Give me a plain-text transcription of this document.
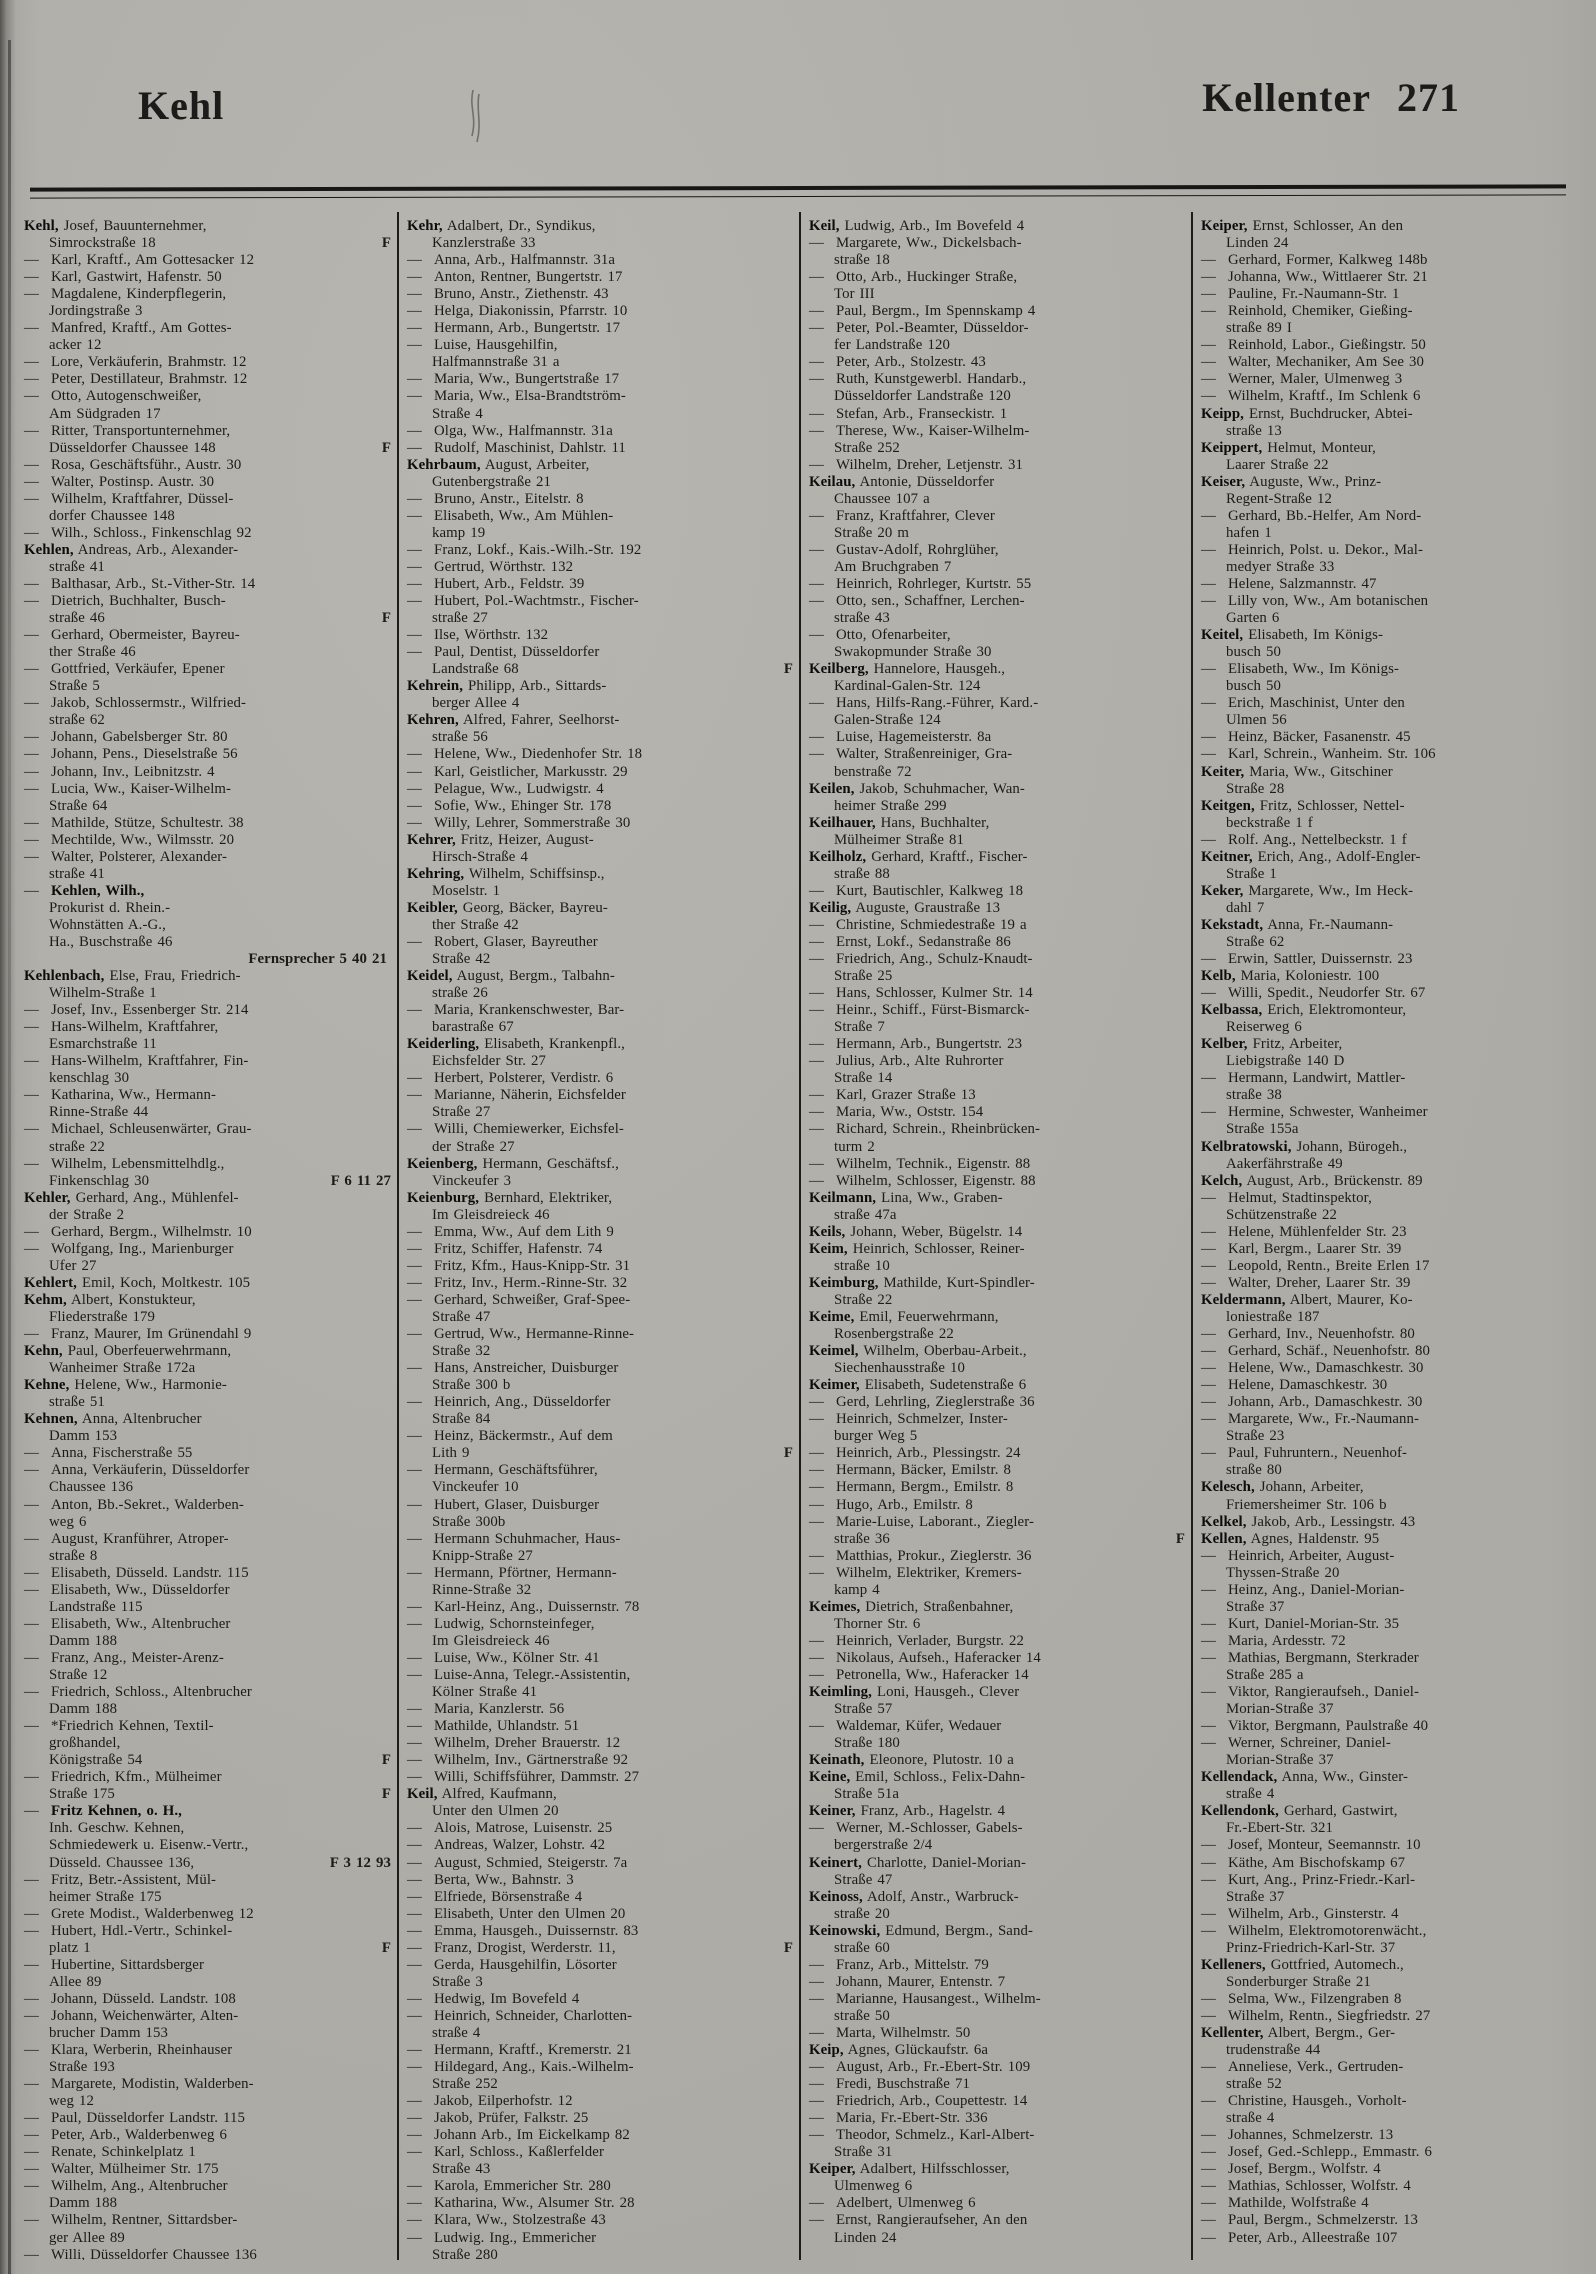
Kehl	Kellenter 271
Kehl, Josef, Bauunternehmer,
Simrockstraße 18	F
— Karl, Kraftf., Am Gottesacker 12
— Karl, Gastwirt, Hafenstr. 50
— Magdalene, Kinderpflegerin,
Jordingstraße 3
— Manfred, Kraftf., Am Gottes-
acker 12
— Lore, Verkäuferin, Brahmstr. 12
— Peter, Destillateur, Brahmstr. 12
— Otto, Autogenschweißer,
Am Südgraden 17
— Ritter, Transportunternehmer,
Düsseldorfer Chaussee 148	F
— Rosa, Geschäftsführ., Austr. 30
— Walter, Postinsp. Austr. 30
— Wilhelm, Kraftfahrer, Düssel-
dorfer Chaussee 148
— Wilh., Schloss., Finkenschlag 92
Kehlen, Andreas, Arb., Alexander-
straße 41
— Balthasar, Arb., St.-Vither-Str. 14
— Dietrich, Buchhalter, Busch-
straße 46	F
— Gerhard, Obermeister, Bayreu-
ther Straße 46
— Gottfried, Verkäufer, Epener
Straße 5
— Jakob, Schlossermstr., Wilfried-
straße 62
— Johann, Gabelsberger Str. 80
— Johann, Pens., Dieselstraße 56
— Johann, Inv., Leibnitzstr. 4
— Lucia, Ww., Kaiser-Wilhelm-
Straße 64
— Mathilde, Stütze, Schultestr. 38
— Mechtilde, Ww., Wilmsstr. 20
— Walter, Polsterer, Alexander-
straße 41
— Kehlen, Wilh.,
Prokurist d. Rhein.-
Wohnstätten A.-G.,
Ha., Buschstraße 46
Fernsprecher 5 40 21
Kehlenbach, Else, Frau, Friedrich-
Wilhelm-Straße 1
— Josef, Inv., Essenberger Str. 214
— Hans-Wilhelm, Kraftfahrer,
Esmarchstraße 11
— Hans-Wilhelm, Kraftfahrer, Fin-
kenschlag 30
— Katharina, Ww., Hermann-
Rinne-Straße 44
— Michael, Schleusenwärter, Grau-
straße 22
— Wilhelm, Lebensmittelhdlg.,
Finkenschlag 30	F 6 11 27
Kehler, Gerhard, Ang., Mühlenfel-
der Straße 2
— Gerhard, Bergm., Wilhelmstr. 10
— Wolfgang, Ing., Marienburger
Ufer 27
Kehlert, Emil, Koch, Moltkestr. 105
Kehm, Albert, Konstukteur,
Fliederstraße 179
— Franz, Maurer, Im Grünendahl 9
Kehn, Paul, Oberfeuerwehrmann,
Wanheimer Straße 172a
Kehne, Helene, Ww., Harmonie-
straße 51
Kehnen, Anna, Altenbrucher
Damm 153
— Anna, Fischerstraße 55
— Anna, Verkäuferin, Düsseldorfer
Chaussee 136
— Anton, Bb.-Sekret., Walderben-
weg 6
— August, Kranführer, Atroper-
straße 8
— Elisabeth, Düsseld. Landstr. 115
— Elisabeth, Ww., Düsseldorfer
Landstraße 115
— Elisabeth, Ww., Altenbrucher
Damm 188
— Franz, Ang., Meister-Arenz-
Straße 12
— Friedrich, Schloss., Altenbrucher
Damm 188
— *Friedrich Kehnen, Textil-
großhandel,
Königstraße 54	F
— Friedrich, Kfm., Mülheimer
Straße 175	F
— Fritz Kehnen, o. H.,
Inh. Geschw. Kehnen,
Schmiedewerk u. Eisenw.-Vertr.,
Düsseld. Chaussee 136,	F 3 12 93
— Fritz, Betr.-Assistent, Mül-
heimer Straße 175
— Grete Modist., Walderbenweg 12
— Hubert, Hdl.-Vertr., Schinkel-
platz 1	F
— Hubertine, Sittardsberger
Allee 89
— Johann, Düsseld. Landstr. 108
— Johann, Weichenwärter, Alten-
brucher Damm 153
— Klara, Werberin, Rheinhauser
Straße 193
— Margarete, Modistin, Walderben-
weg 12
— Paul, Düsseldorfer Landstr. 115
— Peter, Arb., Walderbenweg 6
— Renate, Schinkelplatz 1
— Walter, Mülheimer Str. 175
— Wilhelm, Ang., Altenbrucher
Damm 188
— Wilhelm, Rentner, Sittardsber-
ger Allee 89
— Willi, Düsseldorfer Chaussee 136
Kehr, Adalbert, Dr., Syndikus,
Kanzlerstraße 33
— Anna, Arb., Halfmannstr. 31a
— Anton, Rentner, Bungertstr. 17
— Bruno, Anstr., Ziethenstr. 43
— Helga, Diakonissin, Pfarrstr. 10
— Hermann, Arb., Bungertstr. 17
— Luise, Hausgehilfin,
Halfmannstraße 31 a
— Maria, Ww., Bungertstraße 17
— Maria, Ww., Elsa-Brandtström-
Straße 4
— Olga, Ww., Halfmannstr. 31a
— Rudolf, Maschinist, Dahlstr. 11
Kehrbaum, August, Arbeiter,
Gutenbergstraße 21
— Bruno, Anstr., Eitelstr. 8
— Elisabeth, Ww., Am Mühlen-
kamp 19
— Franz, Lokf., Kais.-Wilh.-Str. 192
— Gertrud, Wörthstr. 132
— Hubert, Arb., Feldstr. 39
— Hubert, Pol.-Wachtmstr., Fischer-
straße 27
— Ilse, Wörthstr. 132
— Paul, Dentist, Düsseldorfer
Landstraße 68	F
Kehrein, Philipp, Arb., Sittards-
berger Allee 4
Kehren, Alfred, Fahrer, Seelhorst-
straße 56
— Helene, Ww., Diedenhofer Str. 18
— Karl, Geistlicher, Markusstr. 29
— Pelague, Ww., Ludwigstr. 4
— Sofie, Ww., Ehinger Str. 178
— Willy, Lehrer, Sommerstraße 30
Kehrer, Fritz, Heizer, August-
Hirsch-Straße 4
Kehring, Wilhelm, Schiffsinsp.,
Moselstr. 1
Keibler, Georg, Bäcker, Bayreu-
ther Straße 42
— Robert, Glaser, Bayreuther
Straße 42
Keidel, August, Bergm., Talbahn-
straße 26
— Maria, Krankenschwester, Bar-
barastraße 67
Keiderling, Elisabeth, Krankenpfl.,
Eichsfelder Str. 27
— Herbert, Polsterer, Verdistr. 6
— Marianne, Näherin, Eichsfelder
Straße 27
— Willi, Chemiewerker, Eichsfel-
der Straße 27
Keienberg, Hermann, Geschäftsf.,
Vinckeufer 3
Keienburg, Bernhard, Elektriker,
Im Gleisdreieck 46
— Emma, Ww., Auf dem Lith 9
— Fritz, Schiffer, Hafenstr. 74
— Fritz, Kfm., Haus-Knipp-Str. 31
— Fritz, Inv., Herm.-Rinne-Str. 32
— Gerhard, Schweißer, Graf-Spee-
Straße 47
— Gertrud, Ww., Hermanne-Rinne-
Straße 32
— Hans, Anstreicher, Duisburger
Straße 300 b
— Heinrich, Ang., Düsseldorfer
Straße 84
— Heinz, Bäckermstr., Auf dem
Lith 9	F
— Hermann, Geschäftsführer,
Vinckeufer 10
— Hubert, Glaser, Duisburger
Straße 300b
— Hermann Schuhmacher, Haus-
Knipp-Straße 27
— Hermann, Pförtner, Hermann-
Rinne-Straße 32
— Karl-Heinz, Ang., Duissernstr. 78
— Ludwig, Schornsteinfeger,
Im Gleisdreieck 46
— Luise, Ww., Kölner Str. 41
— Luise-Anna, Telegr.-Assistentin,
Kölner Straße 41
— Maria, Kanzlerstr. 56
— Mathilde, Uhlandstr. 51
— Wilhelm, Dreher Brauerstr. 12
— Wilhelm, Inv., Gärtnerstraße 92
— Willi, Schiffsführer, Dammstr. 27
Keil, Alfred, Kaufmann,
Unter den Ulmen 20
— Alois, Matrose, Luisenstr. 25
— Andreas, Walzer, Lohstr. 42
— August, Schmied, Steigerstr. 7a
— Berta, Ww., Bahnstr. 3
— Elfriede, Börsenstraße 4
— Elisabeth, Unter den Ulmen 20
— Emma, Hausgeh., Duissernstr. 83
— Franz, Drogist, Werderstr. 11,	F
— Gerda, Hausgehilfin, Lösorter
Straße 3
— Hedwig, Im Bovefeld 4
— Heinrich, Schneider, Charlotten-
straße 4
— Hermann, Kraftf., Kremerstr. 21
— Hildegard, Ang., Kais.-Wilhelm-
Straße 252
— Jakob, Eilperhofstr. 12
— Jakob, Prüfer, Falkstr. 25
— Johann Arb., Im Eickelkamp 82
— Karl, Schloss., Kaßlerfelder
Straße 43
— Karola, Emmericher Str. 280
— Katharina, Ww., Alsumer Str. 28
— Klara, Ww., Stolzestraße 43
— Ludwig. Ing., Emmericher
Straße 280
Keil, Ludwig, Arb., Im Bovefeld 4
— Margarete, Ww., Dickelsbach-
straße 18
— Otto, Arb., Huckinger Straße,
Tor III
— Paul, Bergm., Im Spennskamp 4
— Peter, Pol.-Beamter, Düsseldor-
fer Landstraße 120
— Peter, Arb., Stolzestr. 43
— Ruth, Kunstgewerbl. Handarb.,
Düsseldorfer Landstraße 120
— Stefan, Arb., Franseckistr. 1
— Therese, Ww., Kaiser-Wilhelm-
Straße 252
— Wilhelm, Dreher, Letjenstr. 31
Keilau, Antonie, Düsseldorfer
Chaussee 107 a
— Franz, Kraftfahrer, Clever
Straße 20 m
— Gustav-Adolf, Rohrglüher,
Am Bruchgraben 7
— Heinrich, Rohrleger, Kurtstr. 55
— Otto, sen., Schaffner, Lerchen-
straße 43
— Otto, Ofenarbeiter,
Swakopmunder Straße 30
Keilberg, Hannelore, Hausgeh.,
Kardinal-Galen-Str. 124
— Hans, Hilfs-Rang.-Führer, Kard.-
Galen-Straße 124
— Luise, Hagemeisterstr. 8a
— Walter, Straßenreiniger, Gra-
benstraße 72
Keilen, Jakob, Schuhmacher, Wan-
heimer Straße 299
Keilhauer, Hans, Buchhalter,
Mülheimer Straße 81
Keilholz, Gerhard, Kraftf., Fischer-
straße 88
— Kurt, Bautischler, Kalkweg 18
Keilig, Auguste, Graustraße 13
— Christine, Schmiedestraße 19 a
— Ernst, Lokf., Sedanstraße 86
— Friedrich, Ang., Schulz-Knaudt-
Straße 25
— Hans, Schlosser, Kulmer Str. 14
— Heinr., Schiff., Fürst-Bismarck-
Straße 7
— Hermann, Arb., Bungertstr. 23
— Julius, Arb., Alte Ruhrorter
Straße 14
— Karl, Grazer Straße 13
— Maria, Ww., Oststr. 154
— Richard, Schrein., Rheinbrücken-
turm 2
— Wilhelm, Technik., Eigenstr. 88
— Wilhelm, Schlosser, Eigenstr. 88
Keilmann, Lina, Ww., Graben-
straße 47a
Keils, Johann, Weber, Bügelstr. 14
Keim, Heinrich, Schlosser, Reiner-
straße 10
Keimburg, Mathilde, Kurt-Spindler-
Straße 22
Keime, Emil, Feuerwehrmann,
Rosenbergstraße 22
Keimel, Wilhelm, Oberbau-Arbeit.,
Siechenhausstraße 10
Keimer, Elisabeth, Sudetenstraße 6
— Gerd, Lehrling, Zieglerstraße 36
— Heinrich, Schmelzer, Inster-
burger Weg 5
— Heinrich, Arb., Plessingstr. 24
— Hermann, Bäcker, Emilstr. 8
— Hermann, Bergm., Emilstr. 8
— Hugo, Arb., Emilstr. 8
— Marie-Luise, Laborant., Ziegler-
straße 36	F
— Matthias, Prokur., Zieglerstr. 36
— Wilhelm, Elektriker, Kremers-
kamp 4
Keimes, Dietrich, Straßenbahner,
Thorner Str. 6
— Heinrich, Verlader, Burgstr. 22
— Nikolaus, Aufseh., Haferacker 14
— Petronella, Ww., Haferacker 14
Keimling, Loni, Hausgeh., Clever
Straße 57
— Waldemar, Küfer, Wedauer
Straße 180
Keinath, Eleonore, Plutostr. 10 a
Keine, Emil, Schloss., Felix-Dahn-
Straße 51a
Keiner, Franz, Arb., Hagelstr. 4
— Werner, M.-Schlosser, Gabels-
bergerstraße 2/4
Keinert, Charlotte, Daniel-Morian-
Straße 47
Keinoss, Adolf, Anstr., Warbruck-
straße 20
Keinowski, Edmund, Bergm., Sand-
straße 60
— Franz, Arb., Mittelstr. 79
— Johann, Maurer, Entenstr. 7
— Marianne, Hausangest., Wilhelm-
straße 50
— Marta, Wilhelmstr. 50
Keip, Agnes, Glückaufstr. 6a
— August, Arb., Fr.-Ebert-Str. 109
— Fredi, Buschstraße 71
— Friedrich, Arb., Coupettestr. 14
— Maria, Fr.-Ebert-Str. 336
— Theodor, Schmelz., Karl-Albert-
Straße 31
Keiper, Adalbert, Hilfsschlosser,
Ulmenweg 6
— Adelbert, Ulmenweg 6
— Ernst, Rangieraufseher, An den
Linden 24
Keiper, Ernst, Schlosser, An den
Linden 24
— Gerhard, Former, Kalkweg 148b
— Johanna, Ww., Wittlaerer Str. 21
— Pauline, Fr.-Naumann-Str. 1
— Reinhold, Chemiker, Gießing-
straße 89 I
— Reinhold, Labor., Gießingstr. 50
— Walter, Mechaniker, Am See 30
— Werner, Maler, Ulmenweg 3
— Wilhelm, Kraftf., Im Schlenk 6
Keipp, Ernst, Buchdrucker, Abtei-
straße 13
Keippert, Helmut, Monteur,
Laarer Straße 22
Keiser, Auguste, Ww., Prinz-
Regent-Straße 12
— Gerhard, Bb.-Helfer, Am Nord-
hafen 1
— Heinrich, Polst. u. Dekor., Mal-
medyer Straße 33
— Helene, Salzmannstr. 47
— Lilly von, Ww., Am botanischen
Garten 6
Keitel, Elisabeth, Im Königs-
busch 50
— Elisabeth, Ww., Im Königs-
busch 50
— Erich, Maschinist, Unter den
Ulmen 56
— Heinz, Bäcker, Fasanenstr. 45
— Karl, Schrein., Wanheim. Str. 106
Keiter, Maria, Ww., Gitschiner
Straße 28
Keitgen, Fritz, Schlosser, Nettel-
beckstraße 1 f
— Rolf. Ang., Nettelbeckstr. 1 f
Keitner, Erich, Ang., Adolf-Engler-
Straße 1
Keker, Margarete, Ww., Im Heck-
dahl 7
Kekstadt, Anna, Fr.-Naumann-
Straße 62
— Erwin, Sattler, Duissernstr. 23
Kelb, Maria, Koloniestr. 100
— Willi, Spedit., Neudorfer Str. 67
Kelbassa, Erich, Elektromonteur,
Reiserweg 6
Kelber, Fritz, Arbeiter,
Liebigstraße 140 D
— Hermann, Landwirt, Mattler-
straße 38
— Hermine, Schwester, Wanheimer
Straße 155a
Kelbratowski, Johann, Bürogeh.,
Aakerfährstraße 49
Kelch, August, Arb., Brückenstr. 89
— Helmut, Stadtinspektor,
Schützenstraße 22
— Helene, Mühlenfelder Str. 23
— Karl, Bergm., Laarer Str. 39
— Leopold, Rentn., Breite Erlen 17
— Walter, Dreher, Laarer Str. 39
Keldermann, Albert, Maurer, Ko-
loniestraße 187
— Gerhard, Inv., Neuenhofstr. 80
— Gerhard, Schäf., Neuenhofstr. 80
— Helene, Ww., Damaschkestr. 30
— Helene, Damaschkestr. 30
— Johann, Arb., Damaschkestr. 30
— Margarete, Ww., Fr.-Naumann-
Straße 23
— Paul, Fuhruntern., Neuenhof-
straße 80
Kelesch, Johann, Arbeiter,
Friemersheimer Str. 106 b
Kelkel, Jakob, Arb., Lessingstr. 43
Kellen, Agnes, Haldenstr. 95
— Heinrich, Arbeiter, August-
Thyssen-Straße 20
— Heinz, Ang., Daniel-Morian-
Straße 37
— Kurt, Daniel-Morian-Str. 35
— Maria, Ardesstr. 72
— Mathias, Bergmann, Sterkrader
Straße 285 a
— Viktor, Rangieraufseh., Daniel-
Morian-Straße 37
— Viktor, Bergmann, Paulstraße 40
— Werner, Schreiner, Daniel-
Morian-Straße 37
Kellendack, Anna, Ww., Ginster-
straße 4
Kellendonk, Gerhard, Gastwirt,
Fr.-Ebert-Str. 321
— Josef, Monteur, Seemannstr. 10
— Käthe, Am Bischofskamp 67
— Kurt, Ang., Prinz-Friedr.-Karl-
Straße 37
— Wilhelm, Arb., Ginsterstr. 4
— Wilhelm, Elektromotorenwächt.,
Prinz-Friedrich-Karl-Str. 37
Kelleners, Gottfried, Automech.,
Sonderburger Straße 21
— Selma, Ww., Filzengraben 8
— Wilhelm, Rentn., Siegfriedstr. 27
Kellenter, Albert, Bergm., Ger-
trudenstraße 44
— Anneliese, Verk., Gertruden-
straße 52
— Christine, Hausgeh., Vorholt-
straße 4
— Johannes, Schmelzerstr. 13
— Josef, Ged.-Schlepp., Emmastr. 6
— Josef, Bergm., Wolfstr. 4
— Mathias, Schlosser, Wolfstr. 4
— Mathilde, Wolfstraße 4
— Paul, Bergm., Schmelzerstr. 13
— Peter, Arb., Alleestraße 107
